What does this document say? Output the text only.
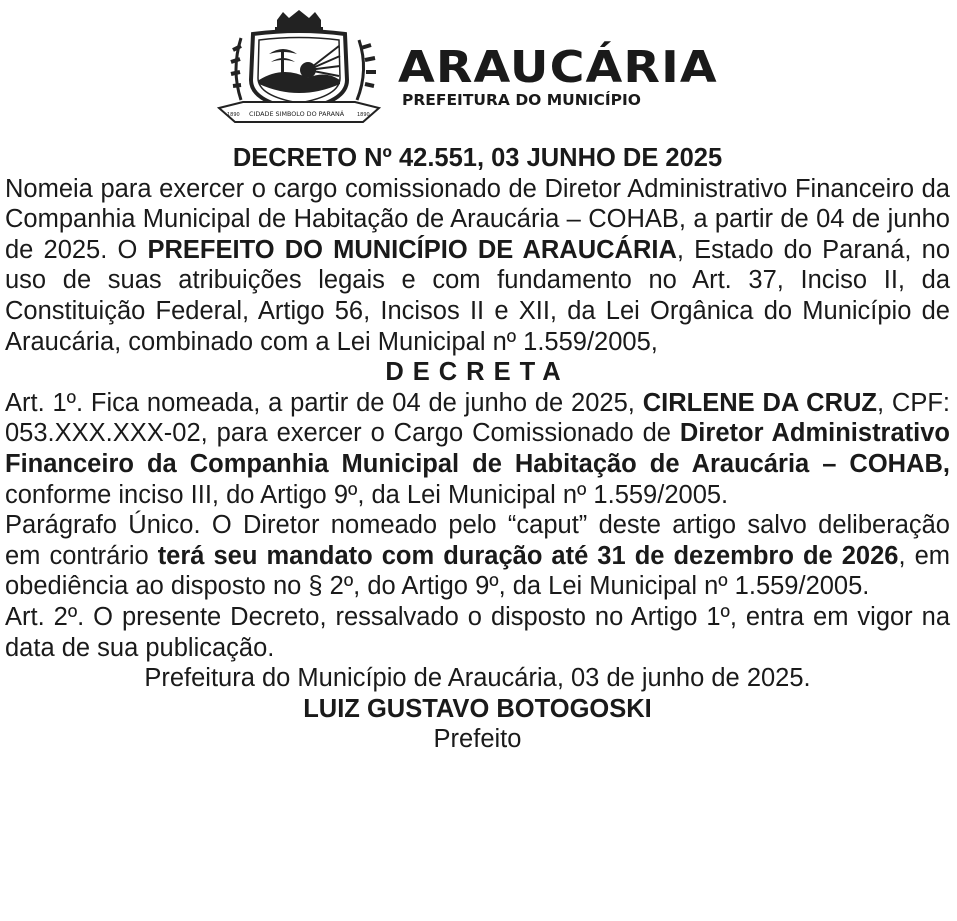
1890 CIDADE SIMBOLO DO PARANÁ	1890
ARAUCÁRIA
PREFEITURA DO MUNICÍPIO

DECRETO Nº 42.551, 03 JUNHO DE 2025

Nomeia para exercer o cargo comissionado de Diretor Administrativo Financeiro da Companhia Municipal de Habitação de Araucária – COHAB, a partir de 04 de junho de 2025. O PREFEITO DO MUNICÍPIO DE ARAUCÁRIA, Estado do Paraná, no uso de suas atribuições legais e com fundamento no Art. 37, Inciso II, da Constituição Federal, Artigo 56, Incisos II e XII, da Lei Orgânica do Município de Araucária, combinado com a Lei Municipal nº 1.559/2005,

DECRETA

Art. 1º. Fica nomeada, a partir de 04 de junho de 2025, CIRLENE DA CRUZ, CPF: 053.XXX.XXX-02, para exercer o Cargo Comissionado de Diretor Administrativo Financeiro da Companhia Municipal de Habitação de Araucária – COHAB, conforme inciso III, do Artigo 9º, da Lei Municipal nº 1.559/2005.

Parágrafo Único. O Diretor nomeado pelo “caput” deste artigo salvo deliberação em contrário terá seu mandato com duração até 31 de dezembro de 2026, em obediência ao disposto no § 2º, do Artigo 9º, da Lei Municipal nº 1.559/2005.

Art. 2º. O presente Decreto, ressalvado o disposto no Artigo 1º, entra em vigor na data de sua publicação.

Prefeitura do Município de Araucária, 03 de junho de 2025.

LUIZ GUSTAVO BOTOGOSKI

Prefeito
